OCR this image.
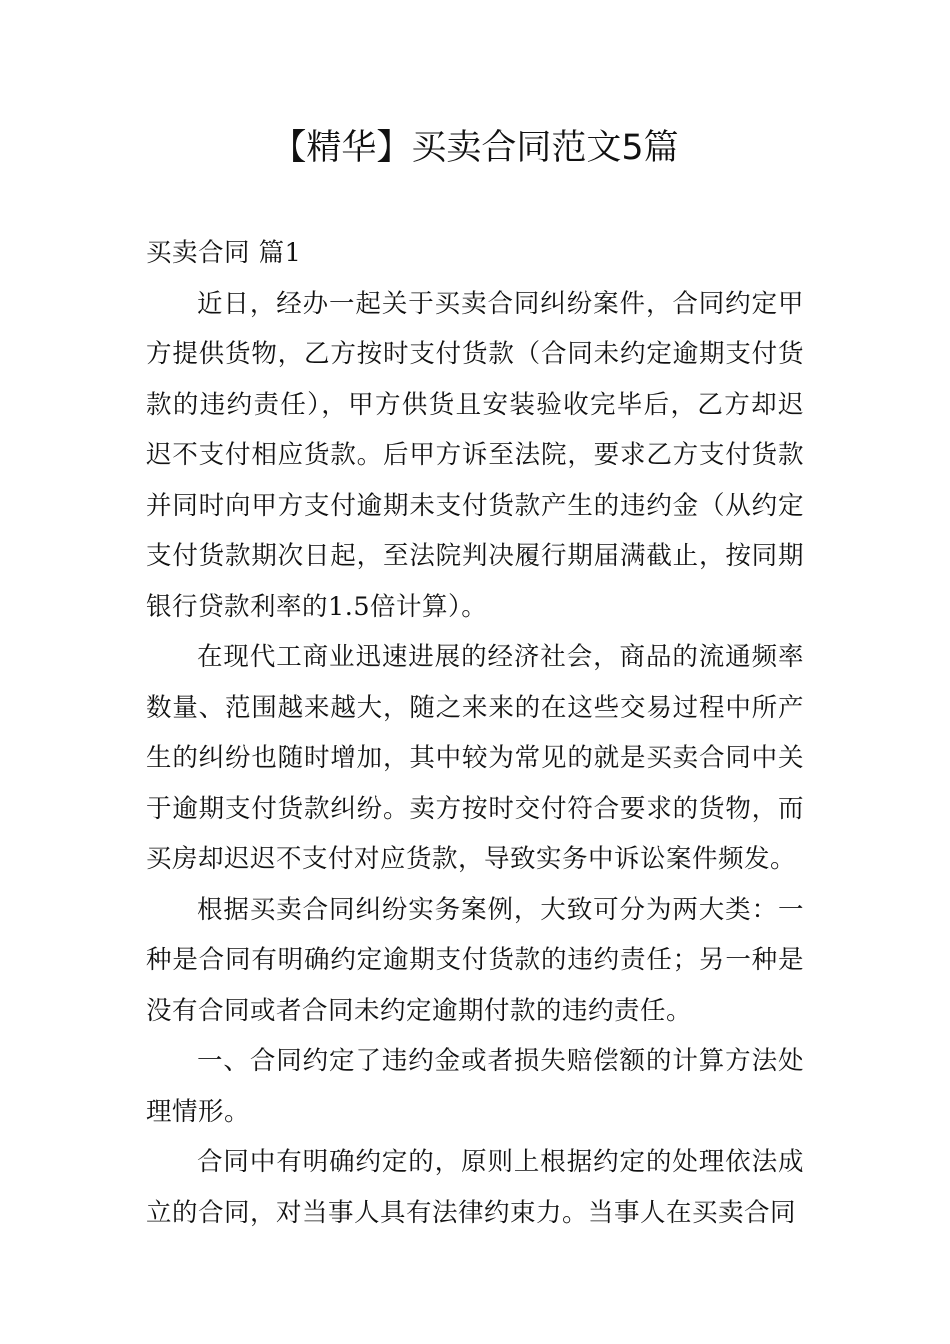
【精华】买卖合同范文5篇

买卖合同 篇1

近日，经办一起关于买卖合同纠纷案件，合同约定甲方提供货物，乙方按时支付货款（合同未约定逾期支付货款的违约责任），甲方供货且安装验收完毕后，乙方却迟迟不支付相应货款。后甲方诉至法院，要求乙方支付货款并同时向甲方支付逾期未支付货款产生的违约金（从约定支付货款期次日起，至法院判决履行期届满截止，按同期银行贷款利率的1.5倍计算）。

在现代工商业迅速进展的经济社会，商品的流通频率数量、范围越来越大，随之来来的在这些交易过程中所产生的纠纷也随时增加，其中较为常见的就是买卖合同中关于逾期支付货款纠纷。卖方按时交付符合要求的货物，而买房却迟迟不支付对应货款，导致实务中诉讼案件频发。

根据买卖合同纠纷实务案例，大致可分为两大类：一种是合同有明确约定逾期支付货款的违约责任；另一种是没有合同或者合同未约定逾期付款的违约责任。

一、合同约定了违约金或者损失赔偿额的计算方法处理情形。

合同中有明确约定的，原则上根据约定的处理依法成立的合同，对当事人具有法律约束力。当事人在买卖合同
